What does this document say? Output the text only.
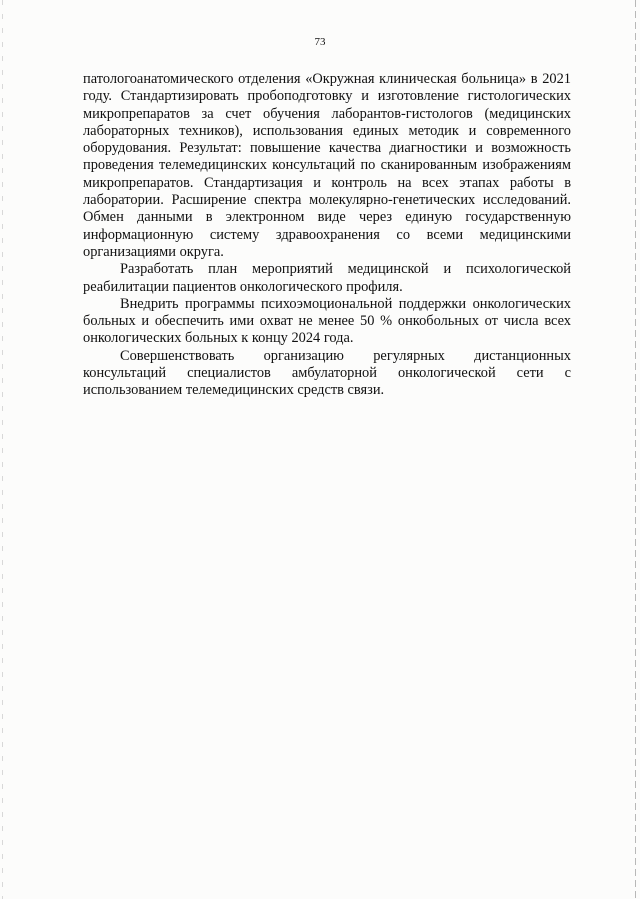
73

патологоанатомического отделения «Окружная клиническая больница» в 2021 году. Стандартизировать пробоподготовку и изготовление гистологических микропрепаратов за счет обучения лаборантов-гистологов (медицинских лабораторных техников), использования единых методик и современного оборудования. Результат: повышение качества диагностики и возможность проведения телемедицинских консультаций по сканированным изображениям микропрепаратов. Стандартизация и контроль на всех этапах работы в лаборатории. Расширение спектра молекулярно-генетических исследований. Обмен данными в электронном виде через единую государственную информационную систему здравоохранения со всеми медицинскими организациями округа.

Разработать план мероприятий медицинской и психологической реабилитации пациентов онкологического профиля.

Внедрить программы психоэмоциональной поддержки онкологических больных и обеспечить ими охват не менее 50 % онкобольных от числа всех онкологических больных к концу 2024 года.

Совершенствовать организацию регулярных дистанционных консультаций специалистов амбулаторной онкологической сети с использованием телемедицинских средств связи.
